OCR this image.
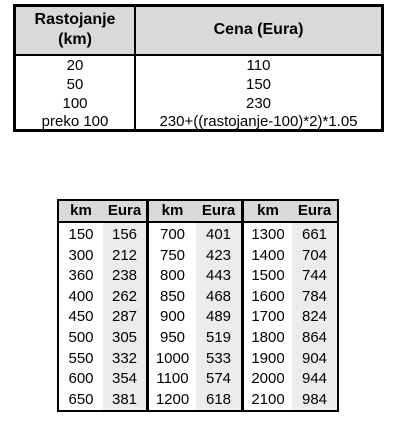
Rastojanje
(km)
Cena (Eura)
20	110
50	150
100	230
preko 100	230+((rastojanje-100)*2)*1.05
km	Eura
150	156
300	212
360	238
400	262
450	287
500	305
550	332
600	354
650	381
km	Eura
700	401
750	423
800	443
850	468
900	489
950	519
1000	533
1100	574
1200	618
km	Eura
1300	661
1400	704
1500	744
1600	784
1700	824
1800	864
1900	904
2000	944
2100	984
